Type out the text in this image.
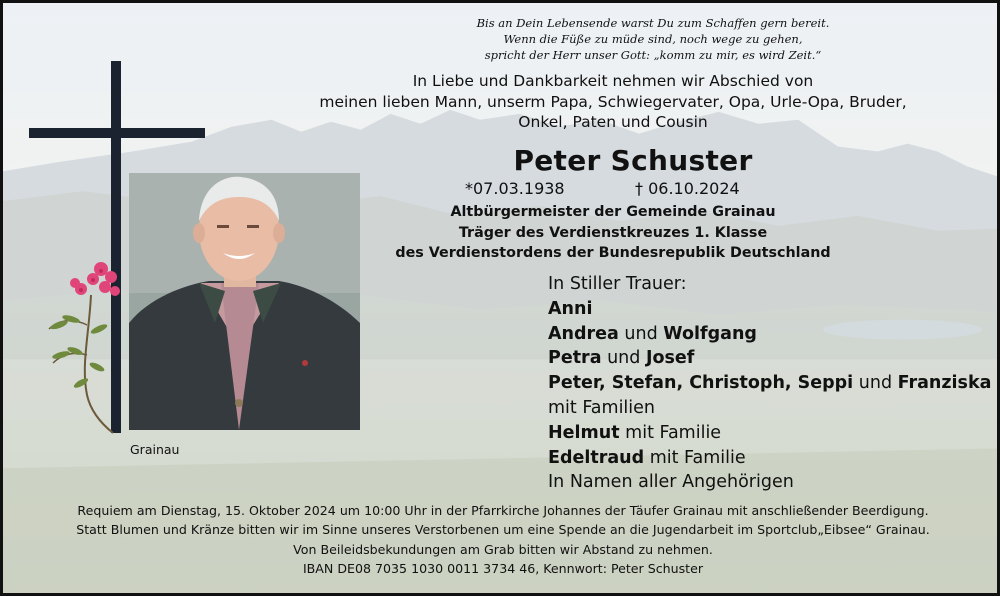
Grainau
Bis an Dein Lebensende warst Du zum Schaffen gern bereit.
Wenn die Füße zu müde sind, noch wege zu gehen,
spricht der Herr unser Gott: „komm zu mir, es wird Zeit.“
In Liebe und Dankbarkeit nehmen wir Abschied von
meinen lieben Mann, unserm Papa, Schwiegervater, Opa, Urle-Opa, Bruder,
Onkel, Paten und Cousin
Peter Schuster
*07.03.1938	† 06.10.2024
Altbürgermeister der Gemeinde Grainau
Träger des Verdienstkreuzes 1. Klasse
des Verdienstordens der Bundesrepublik Deutschland
In Stiller Trauer:
Anni
Andrea und Wolfgang
Petra und Josef
Peter, Stefan, Christoph, Seppi und Franziska
mit Familien
Helmut mit Familie
Edeltraud mit Familie
In Namen aller Angehörigen
Requiem am Dienstag, 15. Oktober 2024 um 10:00 Uhr in der Pfarrkirche Johannes der Täufer Grainau mit anschließender Beerdigung.
Statt Blumen und Kränze bitten wir im Sinne unseres Verstorbenen um eine Spende an die Jugendarbeit im Sportclub„Eibsee“ Grainau.
Von Beileidsbekundungen am Grab bitten wir Abstand zu nehmen.
IBAN DE08 7035 1030 0011 3734 46, Kennwort: Peter Schuster
